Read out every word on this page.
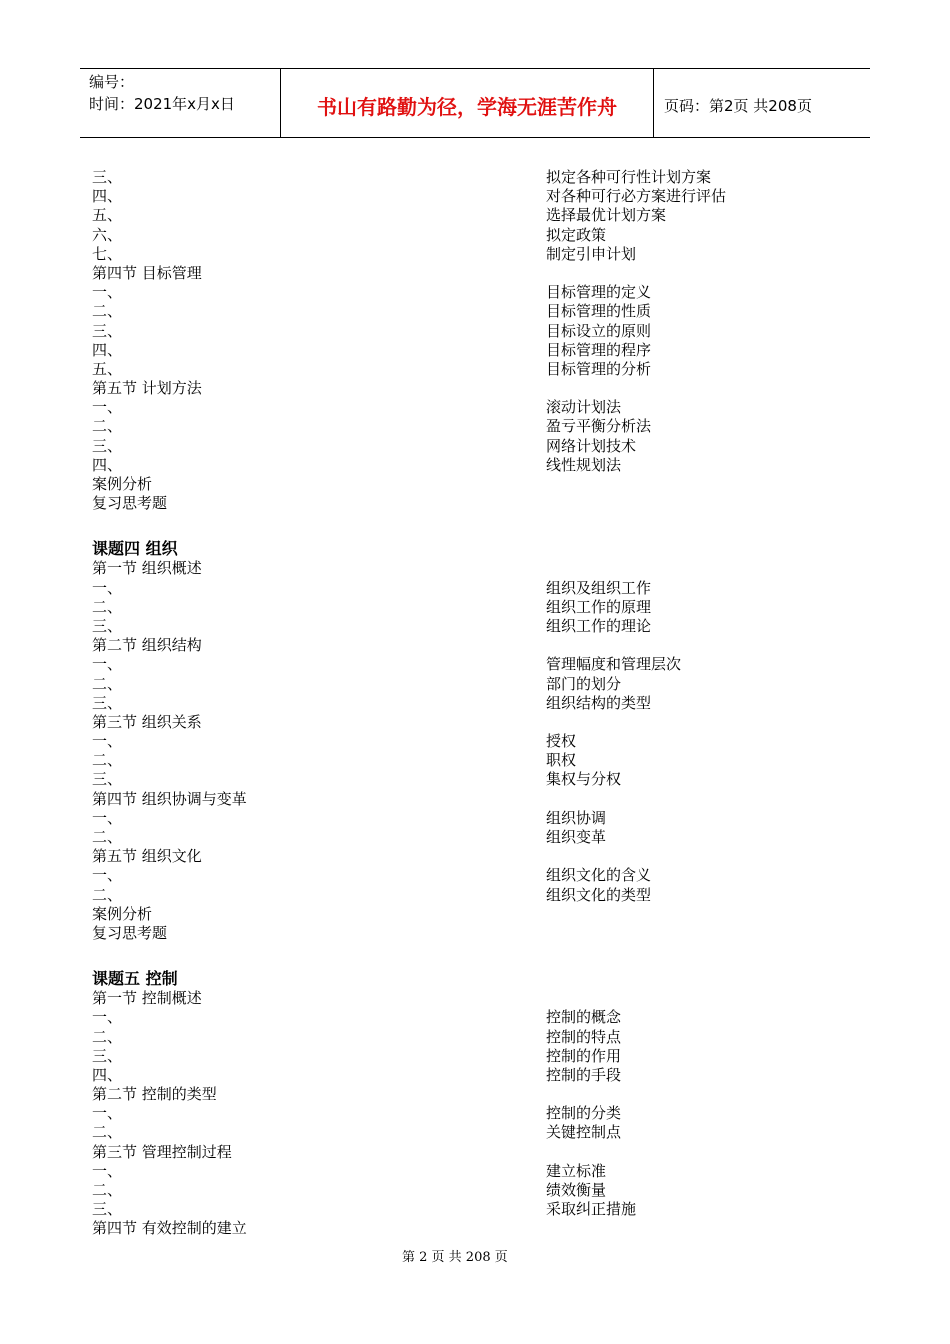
编号：
时间：2021年x月x日	书山有路勤为径，学海无涯苦作舟	页码：第2页 共208页
三、	拟定各种可行性计划方案
四、	对各种可行必方案进行评估
五、	选择最优计划方案
六、	拟定政策
七、	制定引申计划
第四节 目标管理
一、	目标管理的定义
二、	目标管理的性质
三、	目标设立的原则
四、	目标管理的程序
五、	目标管理的分析
第五节 计划方法
一、	滚动计划法
二、	盈亏平衡分析法
三、	网络计划技术
四、	线性规划法
案例分析
复习思考题
课题四 组织
第一节 组织概述
一、	组织及组织工作
二、	组织工作的原理
三、	组织工作的理论
第二节 组织结构
一、	管理幅度和管理层次
二、	部门的划分
三、	组织结构的类型
第三节 组织关系
一、	授权
二、	职权
三、	集权与分权
第四节 组织协调与变革
一、	组织协调
二、	组织变革
第五节 组织文化
一、	组织文化的含义
二、	组织文化的类型
案例分析
复习思考题
课题五 控制
第一节 控制概述
一、	控制的概念
二、	控制的特点
三、	控制的作用
四、	控制的手段
第二节 控制的类型
一、	控制的分类
二、	关键控制点
第三节 管理控制过程
一、	建立标准
二、	绩效衡量
三、	采取纠正措施
第四节 有效控制的建立
第 2 页 共 208 页
